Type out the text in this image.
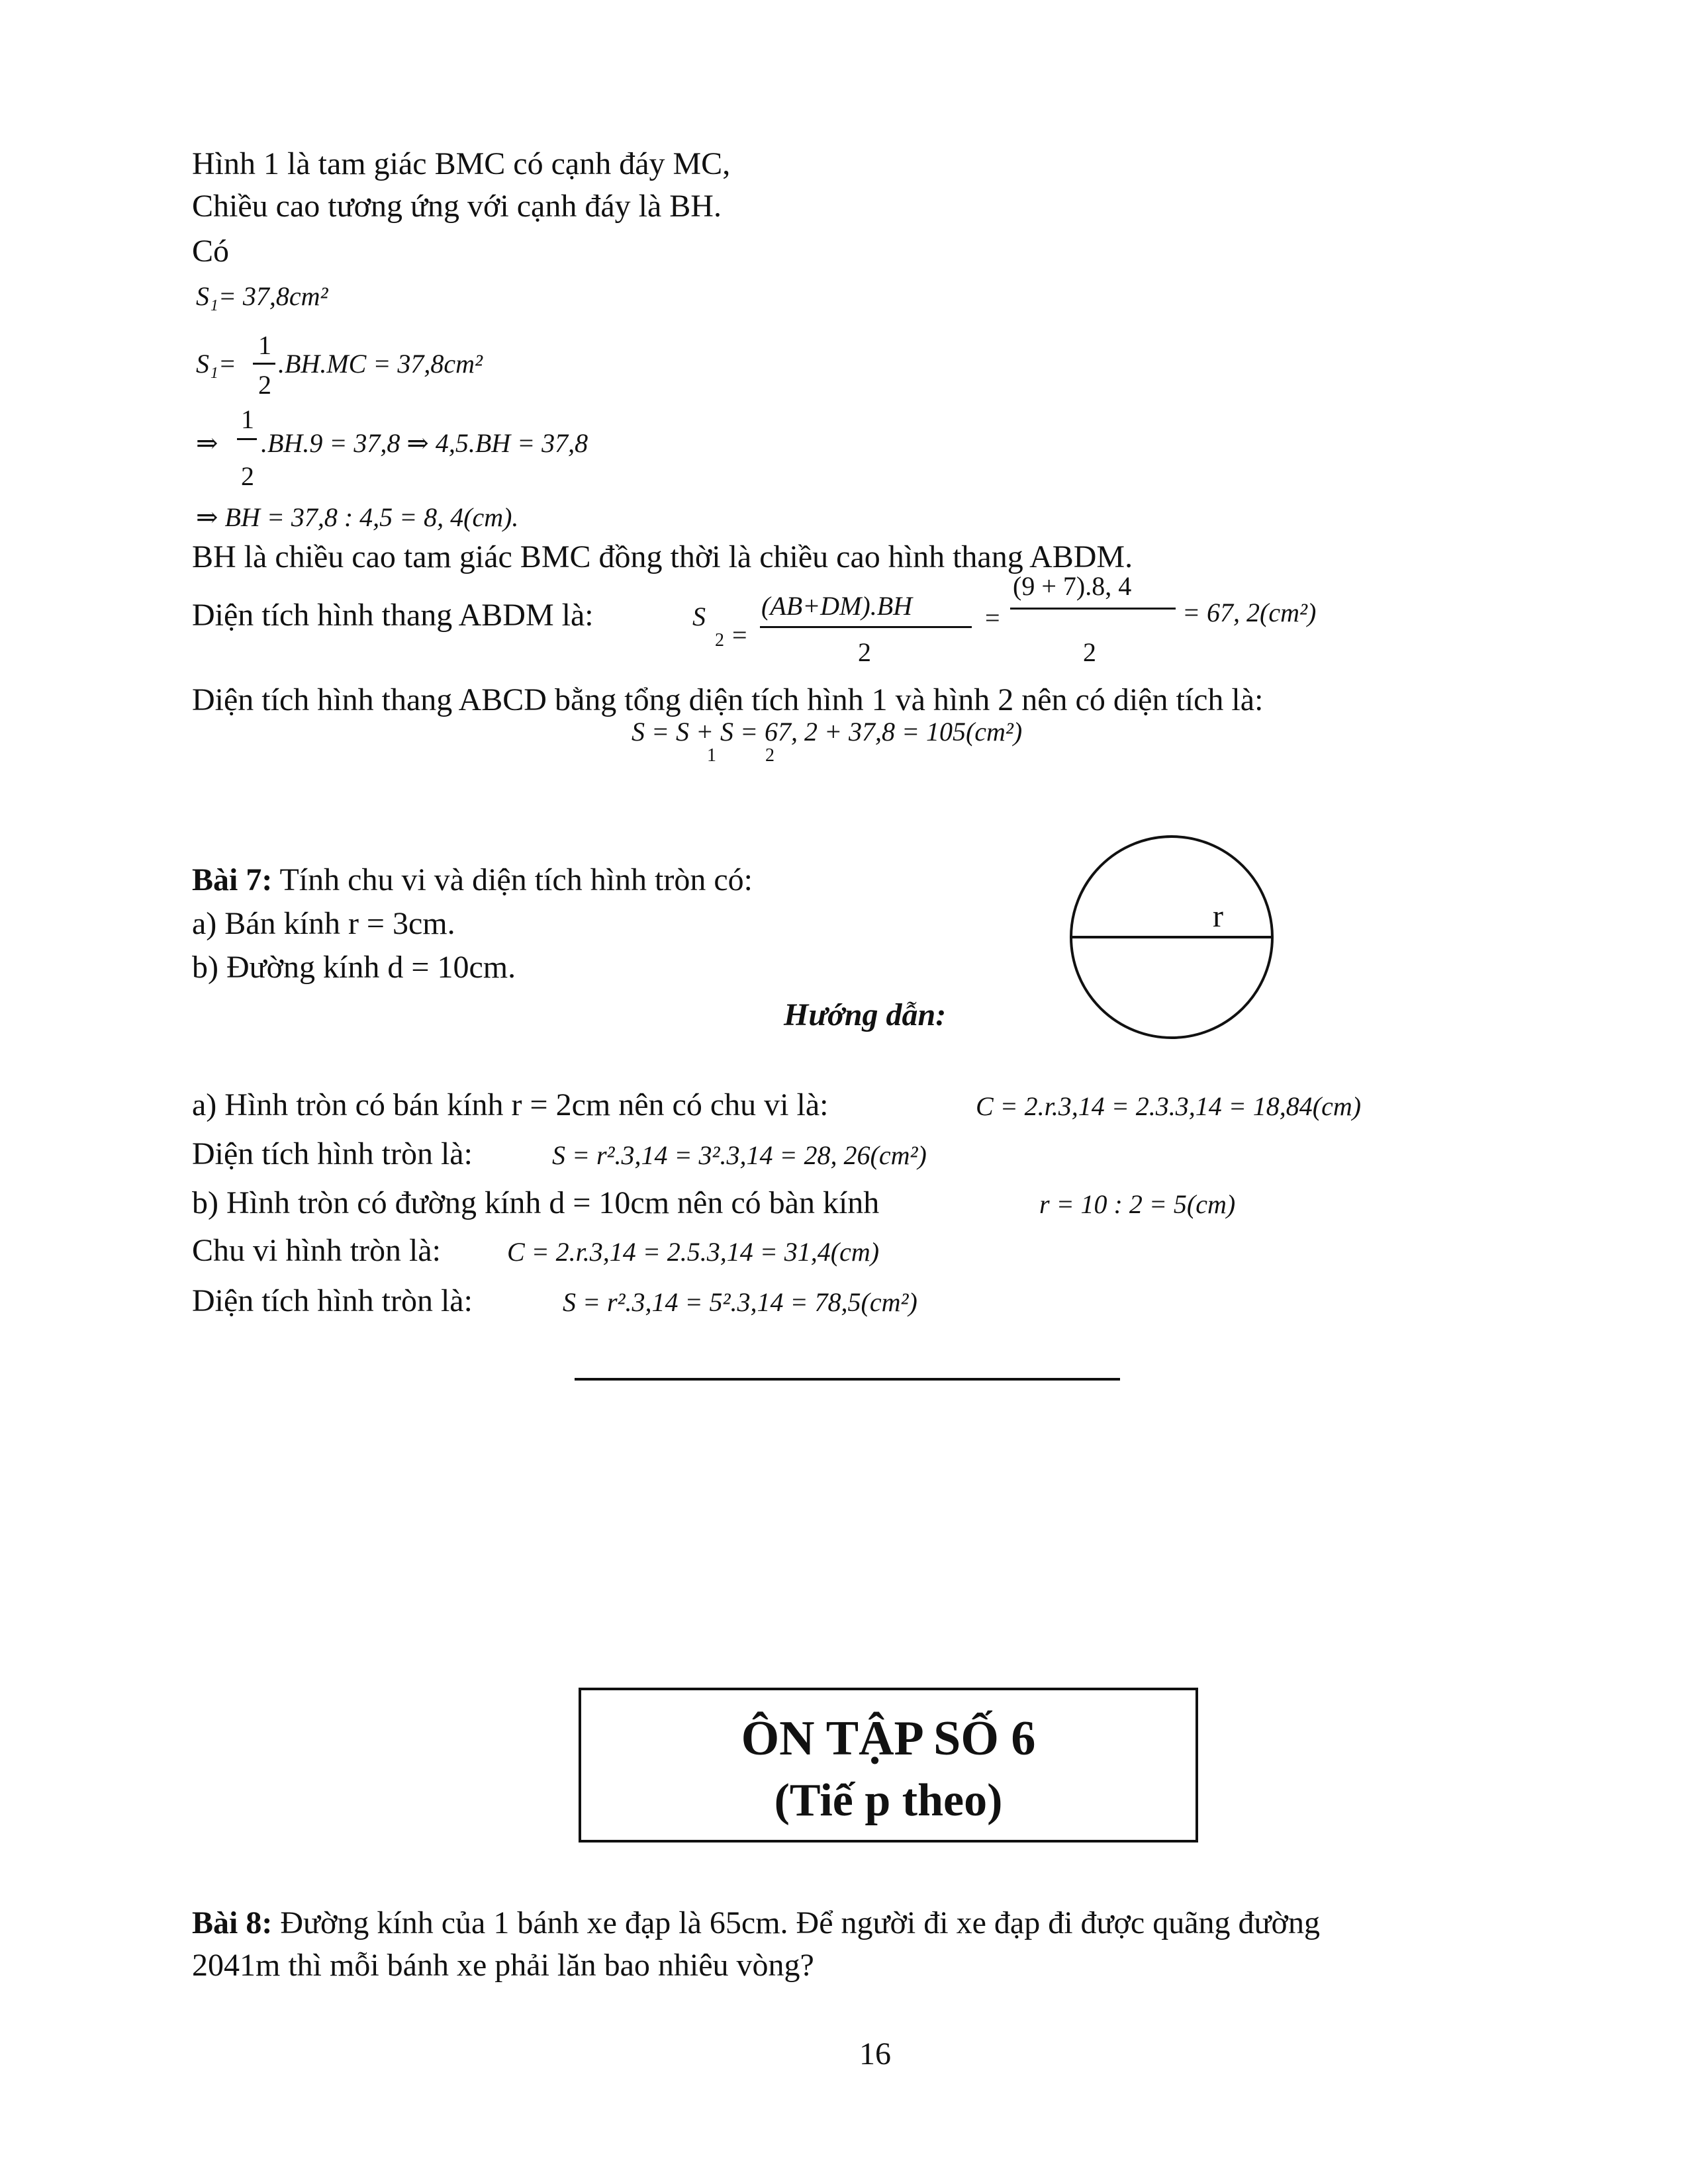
Hình 1 là tam giác BMC có cạnh đáy MC,
Chiều cao tương ứng với cạnh đáy là BH.
Có
S₁= 37,8cm²
S₁=
1
2
.BH.MC = 37,8cm²
⇒
1
2
.BH.9 = 37,8 ⇒ 4,5.BH = 37,8
⇒ BH = 37,8 : 4,5 = 8, 4(cm).
BH là chiều cao tam giác BMC đồng thời là chiều cao hình thang ABDM.
Diện tích hình thang ABDM là:	S
2 =
(AB+DM).BH
2
=
(9 + 7).8, 4
2
= 67, 2(cm²)
Diện tích hình thang ABCD bằng tổng diện tích hình 1 và hình 2 nên có diện tích là:
S = S + S = 67, 2 + 37,8 = 105(cm²)
1	2
Bài 7: Tính chu vi và diện tích hình tròn có:
a) Bán kính r = 3cm.
b) Đường kính d = 10cm.
Hướng dẫn:
r
a) Hình tròn có bán kính r = 2cm nên có chu vi là:	C = 2.r.3,14 = 2.3.3,14 = 18,84(cm)
Diện tích hình tròn là:	S = r².3,14 = 3².3,14 = 28, 26(cm²)
b) Hình tròn có đường kính d = 10cm nên có bàn kính	r = 10 : 2 = 5(cm)
Chu vi hình tròn là:	C = 2.r.3,14 = 2.5.3,14 = 31,4(cm)
Diện tích hình tròn là:	S = r².3,14 = 5².3,14 = 78,5(cm²)
ÔN TẬP SỐ 6
(Tiế p theo)
Bài 8: Đường kính của 1 bánh xe đạp là 65cm. Để người đi xe đạp đi được quãng đường
2041m thì mỗi bánh xe phải lăn bao nhiêu vòng?
16
